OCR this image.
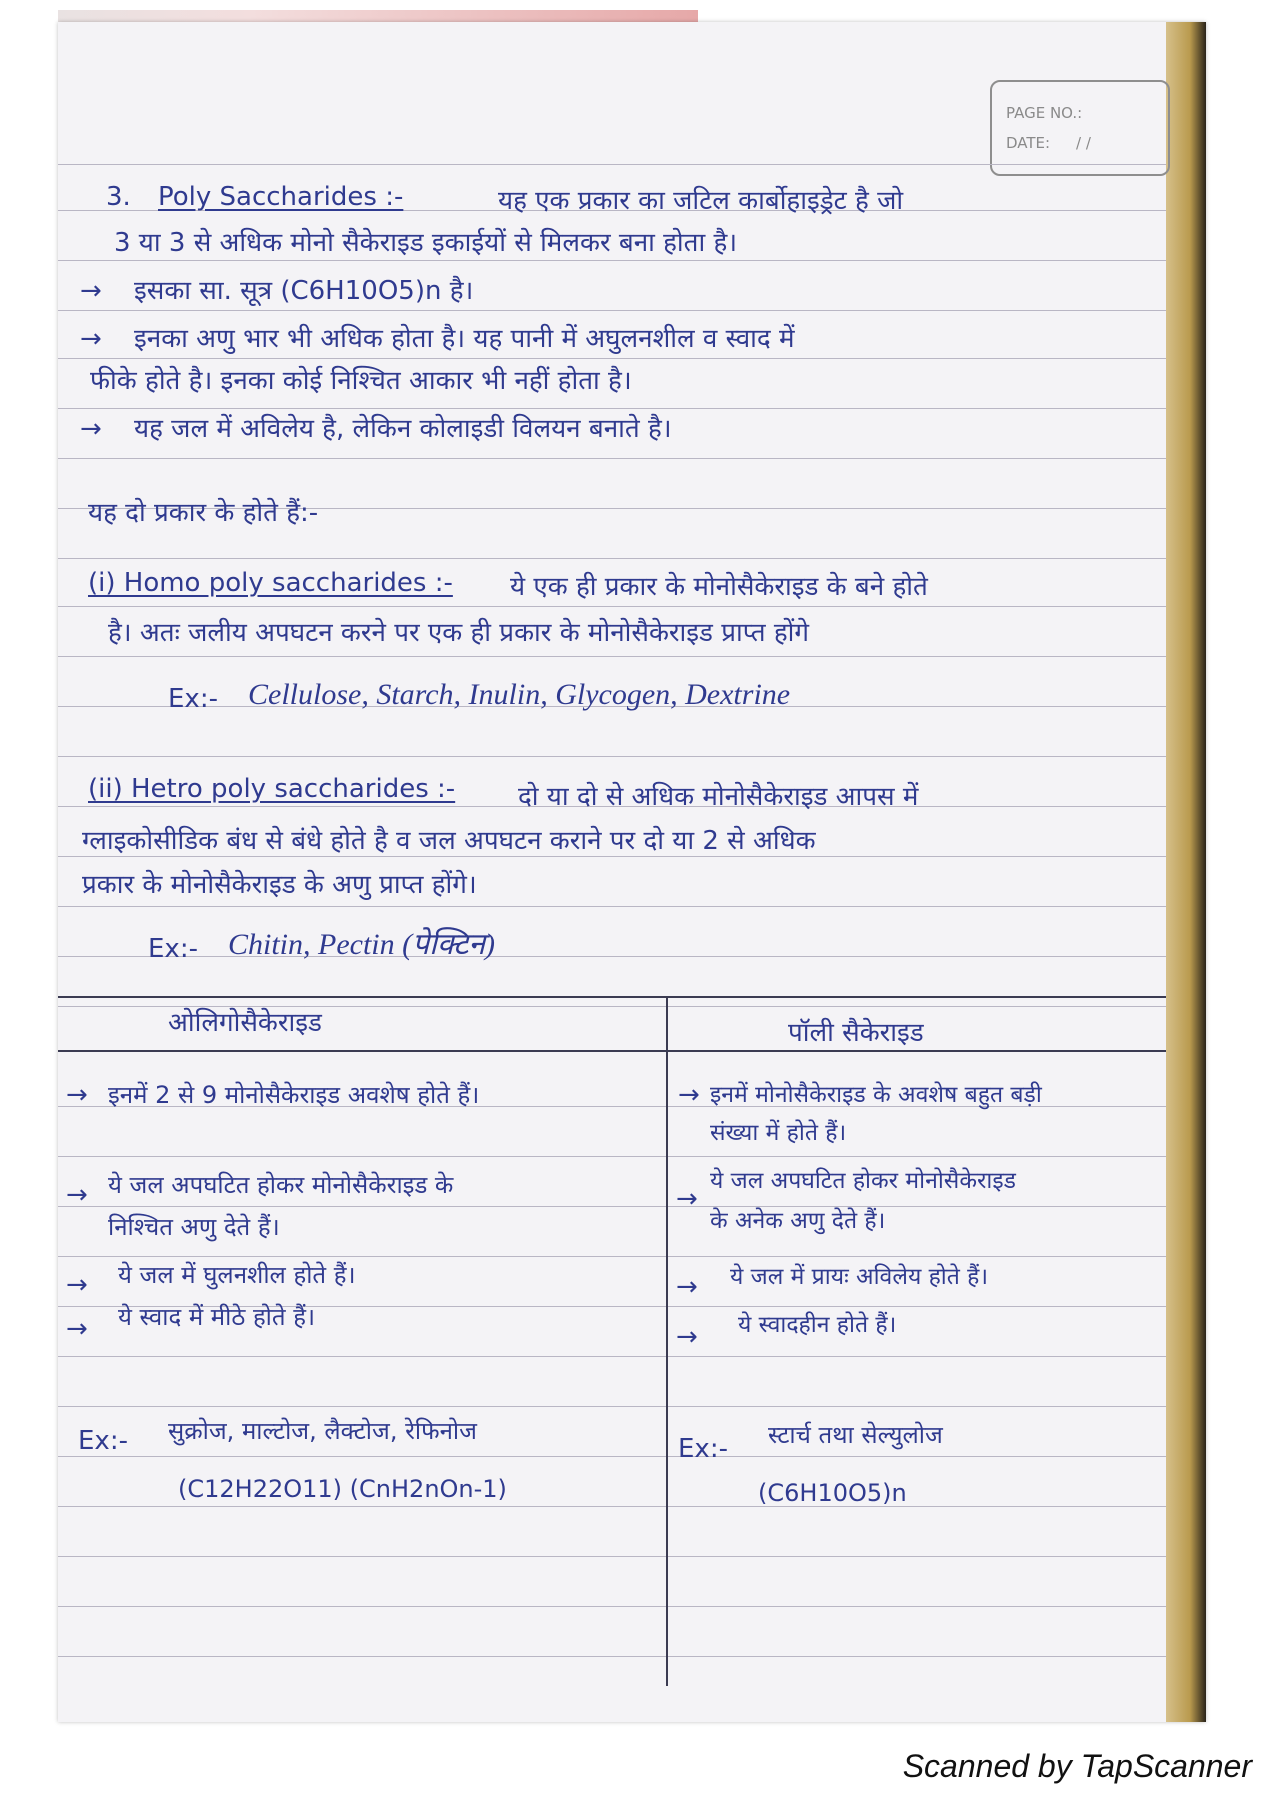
PAGE NO.:
DATE: / /
3. Poly Saccharides :-	यह एक प्रकार का जटिल कार्बोहाइड्रेट है जो
3 या 3 से अधिक मोनो सैकेराइड इकाईयों से मिलकर बना होता है।
→ इसका सा. सूत्र (C6H10O5)n है।
→ इनका अणु भार भी अधिक होता है। यह पानी में अघुलनशील व स्वाद में
फीके होते है। इनका कोई निश्चित आकार भी नहीं होता है।
→ यह जल में अविलेय है, लेकिन कोलाइडी विलयन बनाते है।
यह दो प्रकार के होते हैं:-
(i) Homo poly saccharides :- ये एक ही प्रकार के मोनोसैकेराइड के बने होते
है। अतः जलीय अपघटन करने पर एक ही प्रकार के मोनोसैकेराइड प्राप्त होंगे
Ex:- Cellulose, Starch, Inulin, Glycogen, Dextrine
(ii) Hetro poly saccharides :- दो या दो से अधिक मोनोसैकेराइड आपस में
ग्लाइकोसीडिक बंध से बंधे होते है व जल अपघटन कराने पर दो या 2 से अधिक
प्रकार के मोनोसैकेराइड के अणु प्राप्त होंगे।
Ex:- Chitin, Pectin (पेक्टिन)
ओलिगोसैकेराइड	पॉली सैकेराइड
→ इनमें 2 से 9 मोनोसैकेराइड अवशेष होते हैं।
→ ये जल अपघटित होकर मोनोसैकेराइड के
निश्चित अणु देते हैं।
→ ये जल में घुलनशील होते हैं।
→ ये स्वाद में मीठे होते हैं।
Ex:- सुक्रोज, माल्टोज, लैक्टोज, रेफिनोज
(C12H22O11) (CnH2nOn-1)
→ इनमें मोनोसैकेराइड के अवशेष बहुत बड़ी
संख्या में होते हैं।
→
ये जल अपघटित होकर मोनोसैकेराइड
के अनेक अणु देते हैं।
→ ये जल में प्रायः अविलेय होते हैं।
→ ये स्वादहीन होते हैं।
Ex:- स्टार्च तथा सेल्युलोज
(C6H10O5)n
Scanned by TapScanner
